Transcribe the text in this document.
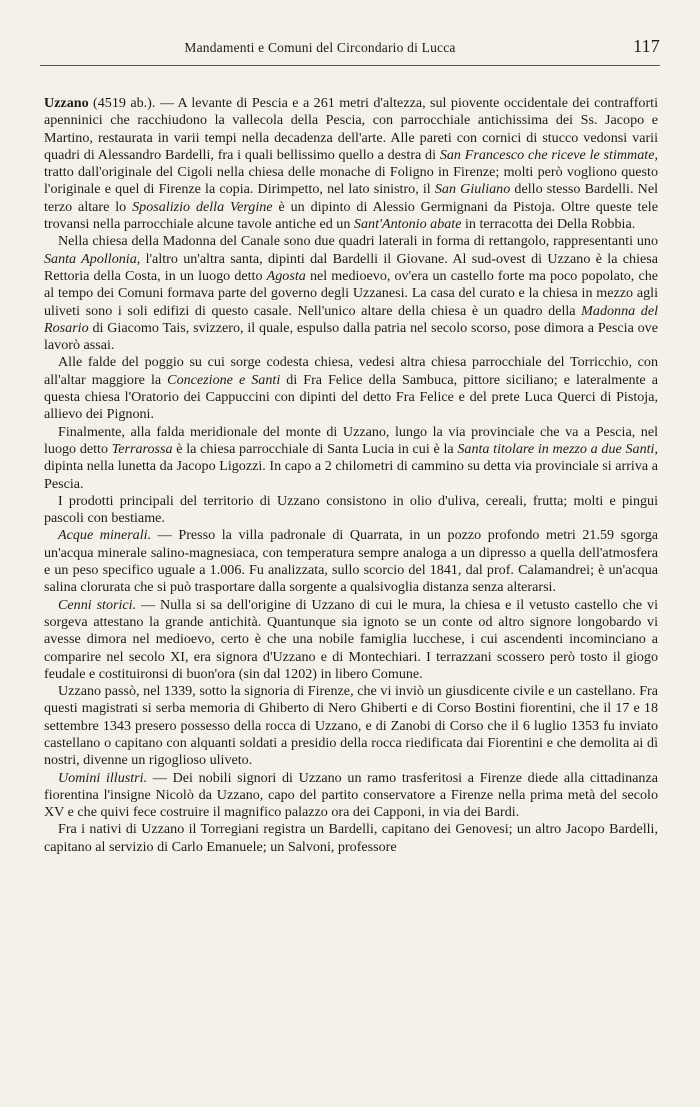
Mandamenti e Comuni del Circondario di Lucca	117

Uzzano (4519 ab.). — A levante di Pescia e a 261 metri d'altezza, sul piovente occidentale dei contrafforti apenninici che racchiudono la vallecola della Pescia, con parrocchiale antichissima dei Ss. Jacopo e Martino, restaurata in varii tempi nella decadenza dell'arte. Alle pareti con cornici di stucco vedonsi varii quadri di Alessandro Bardelli, fra i quali bellissimo quello a destra di San Francesco che riceve le stimmate, tratto dall'originale del Cigoli nella chiesa delle monache di Foligno in Firenze; molti però vogliono questo l'originale e quel di Firenze la copia. Dirimpetto, nel lato sinistro, il San Giuliano dello stesso Bardelli. Nel terzo altare lo Sposalizio della Vergine è un dipinto di Alessio Germignani da Pistoja. Oltre queste tele trovansi nella parrocchiale alcune tavole antiche ed un Sant'Antonio abate in terracotta dei Della Robbia.

Nella chiesa della Madonna del Canale sono due quadri laterali in forma di rettangolo, rappresentanti uno Santa Apollonia, l'altro un'altra santa, dipinti dal Bardelli il Giovane. Al sud-ovest di Uzzano è la chiesa Rettoria della Costa, in un luogo detto Agosta nel medioevo, ov'era un castello forte ma poco popolato, che al tempo dei Comuni formava parte del governo degli Uzzanesi. La casa del curato e la chiesa in mezzo agli uliveti sono i soli edifizi di questo casale. Nell'unico altare della chiesa è un quadro della Madonna del Rosario di Giacomo Tais, svizzero, il quale, espulso dalla patria nel secolo scorso, pose dimora a Pescia ove lavorò assai.

Alle falde del poggio su cui sorge codesta chiesa, vedesi altra chiesa parrocchiale del Torricchio, con all'altar maggiore la Concezione e Santi di Fra Felice della Sambuca, pittore siciliano; e lateralmente a questa chiesa l'Oratorio dei Cappuccini con dipinti del detto Fra Felice e del prete Luca Querci di Pistoja, allievo dei Pignoni.

Finalmente, alla falda meridionale del monte di Uzzano, lungo la via provinciale che va a Pescia, nel luogo detto Terrarossa è la chiesa parrocchiale di Santa Lucia in cui è la Santa titolare in mezzo a due Santi, dipinta nella lunetta da Jacopo Ligozzi. In capo a 2 chilometri di cammino su detta via provinciale si arriva a Pescia.

I prodotti principali del territorio di Uzzano consistono in olio d'uliva, cereali, frutta; molti e pingui pascoli con bestiame.

Acque minerali. — Presso la villa padronale di Quarrata, in un pozzo profondo metri 21.59 sgorga un'acqua minerale salino-magnesiaca, con temperatura sempre analoga a un dipresso a quella dell'atmosfera e un peso specifico uguale a 1.006. Fu analizzata, sullo scorcio del 1841, dal prof. Calamandrei; è un'acqua salina clorurata che si può trasportare dalla sorgente a qualsivoglia distanza senza alterarsi.

Cenni storici. — Nulla si sa dell'origine di Uzzano di cui le mura, la chiesa e il vetusto castello che vi sorgeva attestano la grande antichità. Quantunque sia ignoto se un conte od altro signore longobardo vi avesse dimora nel medioevo, certo è che una nobile famiglia lucchese, i cui ascendenti incominciano a comparire nel secolo XI, era signora d'Uzzano e di Montechiari. I terrazzani scossero però tosto il giogo feudale e costituironsi di buon'ora (sin dal 1202) in libero Comune.

Uzzano passò, nel 1339, sotto la signoria di Firenze, che vi inviò un giusdicente civile e un castellano. Fra questi magistrati si serba memoria di Ghiberto di Nero Ghiberti e di Corso Bostini fiorentini, che il 17 e 18 settembre 1343 presero possesso della rocca di Uzzano, e di Zanobi di Corso che il 6 luglio 1353 fu inviato castellano o capitano con alquanti soldati a presidio della rocca riedificata dai Fiorentini e che demolita ai dì nostri, divenne un rigoglioso uliveto.

Uomini illustri. — Dei nobili signori di Uzzano un ramo trasferitosi a Firenze diede alla cittadinanza fiorentina l'insigne Nicolò da Uzzano, capo del partito conservatore a Firenze nella prima metà del secolo XV e che quivi fece costruire il magnifico palazzo ora dei Capponi, in via dei Bardi.

Fra i nativi di Uzzano il Torregiani registra un Bardelli, capitano dei Genovesi; un altro Jacopo Bardelli, capitano al servizio di Carlo Emanuele; un Salvoni, professore
